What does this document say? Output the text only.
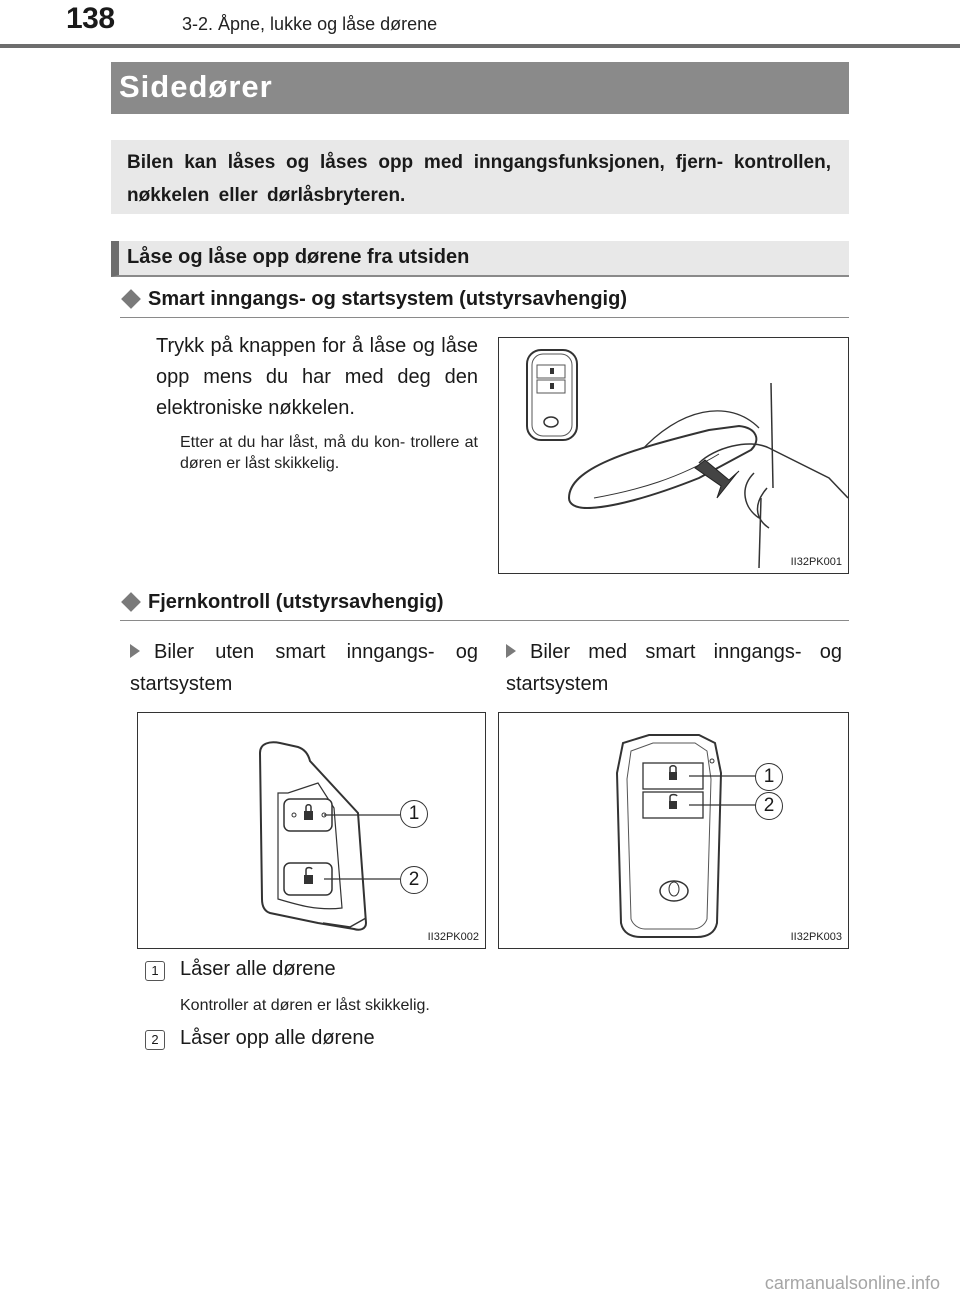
138	3-2. Åpne, lukke og låse dørene
Sidedører
Bilen kan låses og låses opp med inngangsfunksjonen, fjern- kontrollen, nøkkelen eller dørlåsbryteren.
Låse og låse opp dørene fra utsiden
Smart inngangs- og startsystem (utstyrsavhengig)
Trykk på knappen for å låse og låse opp mens du har med deg den elektroniske nøkkelen.
Etter at du har låst, må du kon- trollere at døren er låst skikkelig.
II32PK001
Fjernkontroll (utstyrsavhengig)
Biler uten smart inngangs- og startsystem
Biler med smart inngangs- og startsystem
1
2
II32PK002
1
2
II32PK003
1	Låser alle dørene
Kontroller at døren er låst skikkelig.
2	Låser opp alle dørene
carmanualsonline.info
